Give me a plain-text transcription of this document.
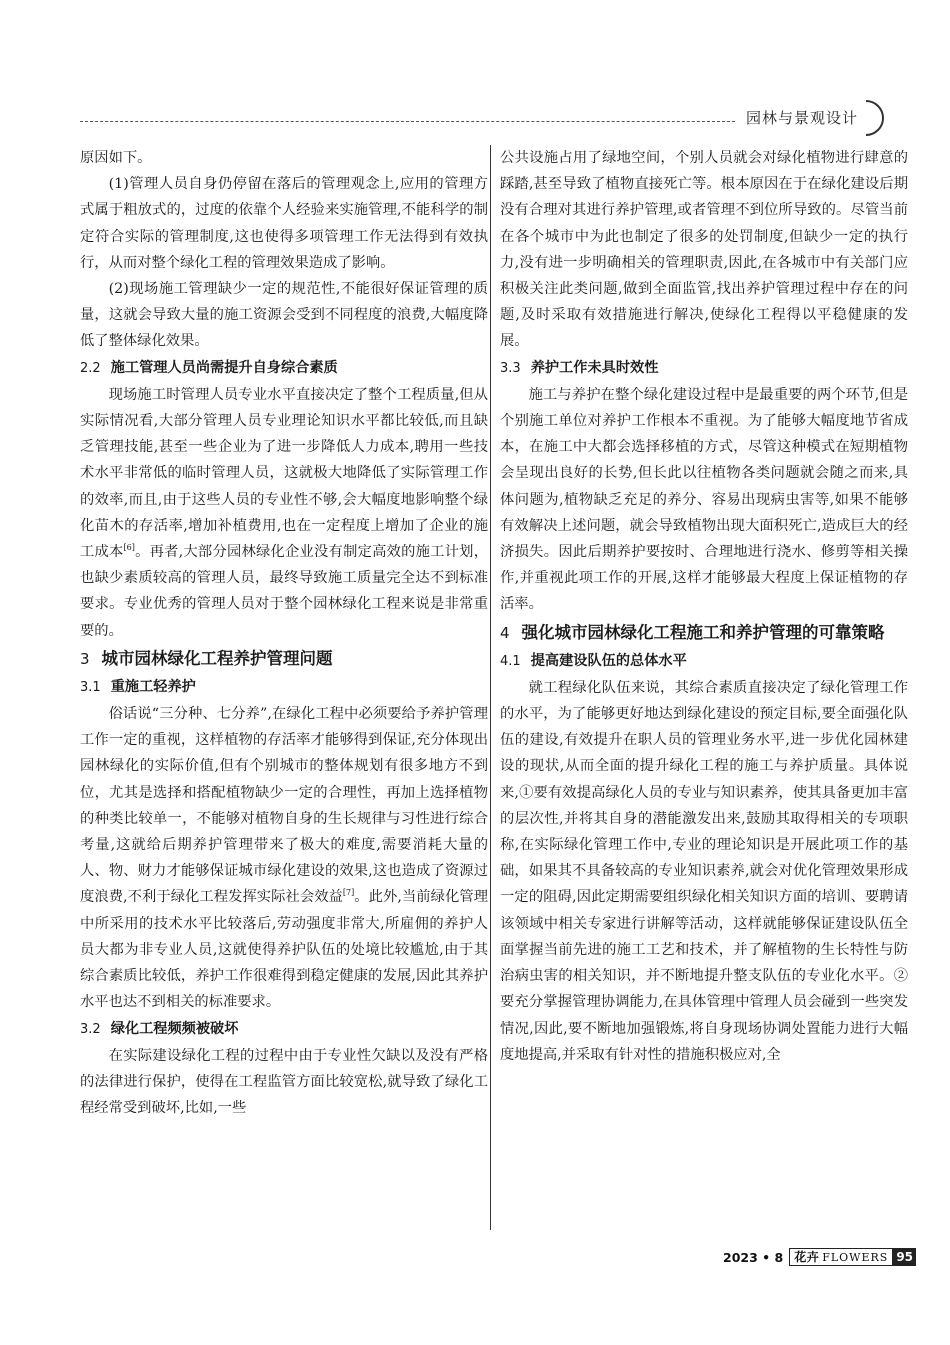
园林与景观设计

原因如下。

(1)管理人员自身仍停留在落后的管理观念上,应用的管理方式属于粗放式的，过度的依靠个人经验来实施管理,不能科学的制定符合实际的管理制度,这也使得多项管理工作无法得到有效执行，从而对整个绿化工程的管理效果造成了影响。

(2)现场施工管理缺少一定的规范性,不能很好保证管理的质量，这就会导致大量的施工资源会受到不同程度的浪费,大幅度降低了整体绿化效果。

2.2 施工管理人员尚需提升自身综合素质

现场施工时管理人员专业水平直接决定了整个工程质量,但从实际情况看,大部分管理人员专业理论知识水平都比较低,而且缺乏管理技能,甚至一些企业为了进一步降低人力成本,聘用一些技术水平非常低的临时管理人员，这就极大地降低了实际管理工作的效率,而且,由于这些人员的专业性不够,会大幅度地影响整个绿化苗木的存活率,增加补植费用,也在一定程度上增加了企业的施工成本[6]。再者,大部分园林绿化企业没有制定高效的施工计划，也缺少素质较高的管理人员，最终导致施工质量完全达不到标准要求。专业优秀的管理人员对于整个园林绿化工程来说是非常重要的。

3 城市园林绿化工程养护管理问题
3.1 重施工轻养护

俗话说“三分种、七分养”,在绿化工程中必须要给予养护管理工作一定的重视，这样植物的存活率才能够得到保证,充分体现出园林绿化的实际价值,但有个别城市的整体规划有很多地方不到位，尤其是选择和搭配植物缺少一定的合理性，再加上选择植物的种类比较单一，不能够对植物自身的生长规律与习性进行综合考量,这就给后期养护管理带来了极大的难度,需要消耗大量的人、物、财力才能够保证城市绿化建设的效果,这也造成了资源过度浪费,不利于绿化工程发挥实际社会效益[7]。此外,当前绿化管理中所采用的技术水平比较落后,劳动强度非常大,所雇佣的养护人员大都为非专业人员,这就使得养护队伍的处境比较尴尬,由于其综合素质比较低，养护工作很难得到稳定健康的发展,因此其养护水平也达不到相关的标准要求。

3.2 绿化工程频频被破坏

在实际建设绿化工程的过程中由于专业性欠缺以及没有严格的法律进行保护，使得在工程监管方面比较宽松,就导致了绿化工程经常受到破坏,比如,一些

公共设施占用了绿地空间，个别人员就会对绿化植物进行肆意的踩踏,甚至导致了植物直接死亡等。根本原因在于在绿化建设后期没有合理对其进行养护管理,或者管理不到位所导致的。尽管当前在各个城市中为此也制定了很多的处罚制度,但缺少一定的执行力,没有进一步明确相关的管理职责,因此,在各城市中有关部门应积极关注此类问题,做到全面监管,找出养护管理过程中存在的问题,及时采取有效措施进行解决,使绿化工程得以平稳健康的发展。

3.3 养护工作未具时效性

施工与养护在整个绿化建设过程中是最重要的两个环节,但是个别施工单位对养护工作根本不重视。为了能够大幅度地节省成本，在施工中大都会选择移植的方式，尽管这种模式在短期植物会呈现出良好的长势,但长此以往植物各类问题就会随之而来,具体问题为,植物缺乏充足的养分、容易出现病虫害等,如果不能够有效解决上述问题，就会导致植物出现大面积死亡,造成巨大的经济损失。因此后期养护要按时、合理地进行浇水、修剪等相关操作,并重视此项工作的开展,这样才能够最大程度上保证植物的存活率。

4 强化城市园林绿化工程施工和养护管理的可靠策略
4.1 提高建设队伍的总体水平

就工程绿化队伍来说，其综合素质直接决定了绿化管理工作的水平，为了能够更好地达到绿化建设的预定目标,要全面强化队伍的建设,有效提升在职人员的管理业务水平,进一步优化园林建设的现状,从而全面的提升绿化工程的施工与养护质量。具体说来,①要有效提高绿化人员的专业与知识素养，使其具备更加丰富的层次性,并将其自身的潜能激发出来,鼓励其取得相关的专项职称,在实际绿化管理工作中,专业的理论知识是开展此项工作的基础，如果其不具备较高的专业知识素养,就会对优化管理效果形成一定的阻碍,因此定期需要组织绿化相关知识方面的培训、要聘请该领域中相关专家进行讲解等活动，这样就能够保证建设队伍全面掌握当前先进的施工工艺和技术，并了解植物的生长特性与防治病虫害的相关知识，并不断地提升整支队伍的专业化水平。②要充分掌握管理协调能力,在具体管理中管理人员会碰到一些突发情况,因此,要不断地加强锻炼,将自身现场协调处置能力进行大幅度地提高,并采取有针对性的措施积极应对,全

2023 • 8 花卉 FLOWERS 95
